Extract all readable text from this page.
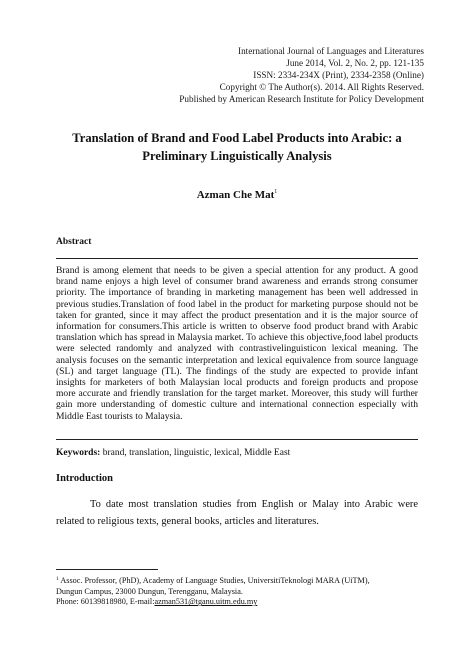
International Journal of Languages and Literatures
June 2014, Vol. 2, No. 2, pp. 121-135
ISSN: 2334-234X (Print), 2334-2358 (Online)
Copyright © The Author(s). 2014. All Rights Reserved.
Published by American Research Institute for Policy Development
Translation of Brand and Food Label Products into Arabic: a
Preliminary Linguistically Analysis
Azman Che Mat$^1$
Abstract
Brand is among element that needs to be given a special attention for any product. A good brand name enjoys a high level of consumer brand awareness and errands strong consumer priority. The importance of branding in marketing management has been well addressed in previous studies.Translation of food label in the product for marketing purpose should not be taken for granted, since it may affect the product presentation and it is the major source of information for consumers.This article is written to observe food product brand with Arabic translation which has spread in Malaysia market. To achieve this objective,food label products were selected randomly and analyzed with contrastivelinguisticon lexical meaning. The analysis focuses on the semantic interpretation and lexical equivalence from source language (SL) and target language (TL). The findings of the study are expected to provide infant insights for marketers of both Malaysian local products and foreign products and propose more accurate and friendly translation for the target market. Moreover, this study will further gain more understanding of domestic culture and international connection especially with Middle East tourists to Malaysia.
Keywords: brand, translation, linguistic, lexical, Middle East
Introduction
To date most translation studies from English or Malay into Arabic were related to religious texts, general books, articles and literatures.
$^1$ Assoc. Professor, (PhD), Academy of Language Studies, UniversitiTeknologi MARA (UiTM),
Dungun Campus, 23000 Dungun, Terengganu, Malaysia.
Phone: 60139818980, E-mail:azman531@tganu.uitm.edu.my
